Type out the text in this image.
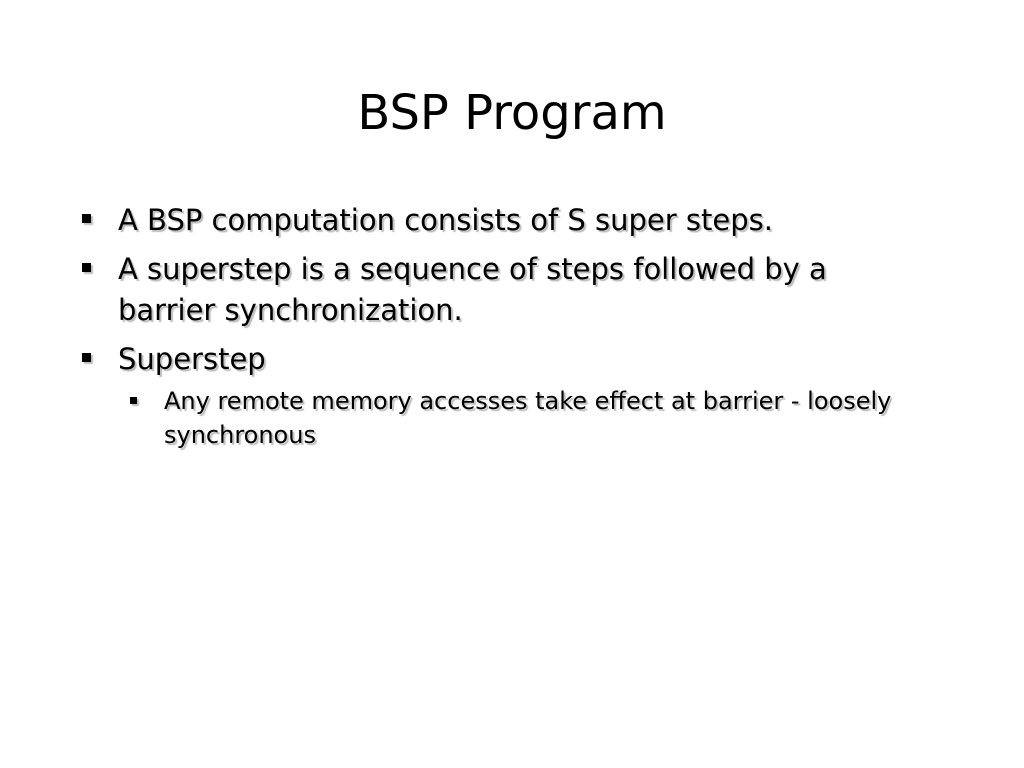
BSP Program
A BSP computation consists of S super steps.
A superstep is a sequence of steps followed by a barrier synchronization.
Superstep
Any remote memory accesses take effect at barrier - loosely synchronous
